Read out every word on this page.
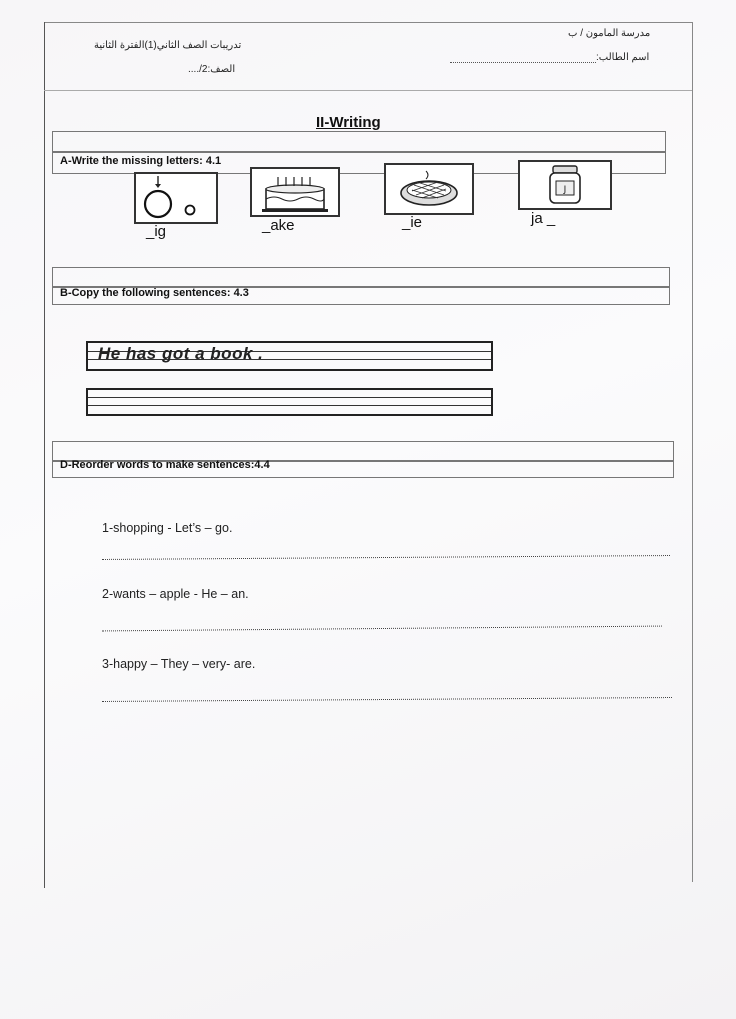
مدرسة المامون / ب
اسم الطالب:
تدريبات الصف الثاني(1)الفترة الثانية
الصف:2/....
II-Writing
A-Write the missing letters: 4.1
J
_ig	_ake	_ie	ja _
B-Copy the following sentences: 4.3
He has got a book .
D-Reorder words to make sentences:4.4
1-shopping - Let’s – go.
2-wants – apple - He – an.
3-happy – They – very- are.
